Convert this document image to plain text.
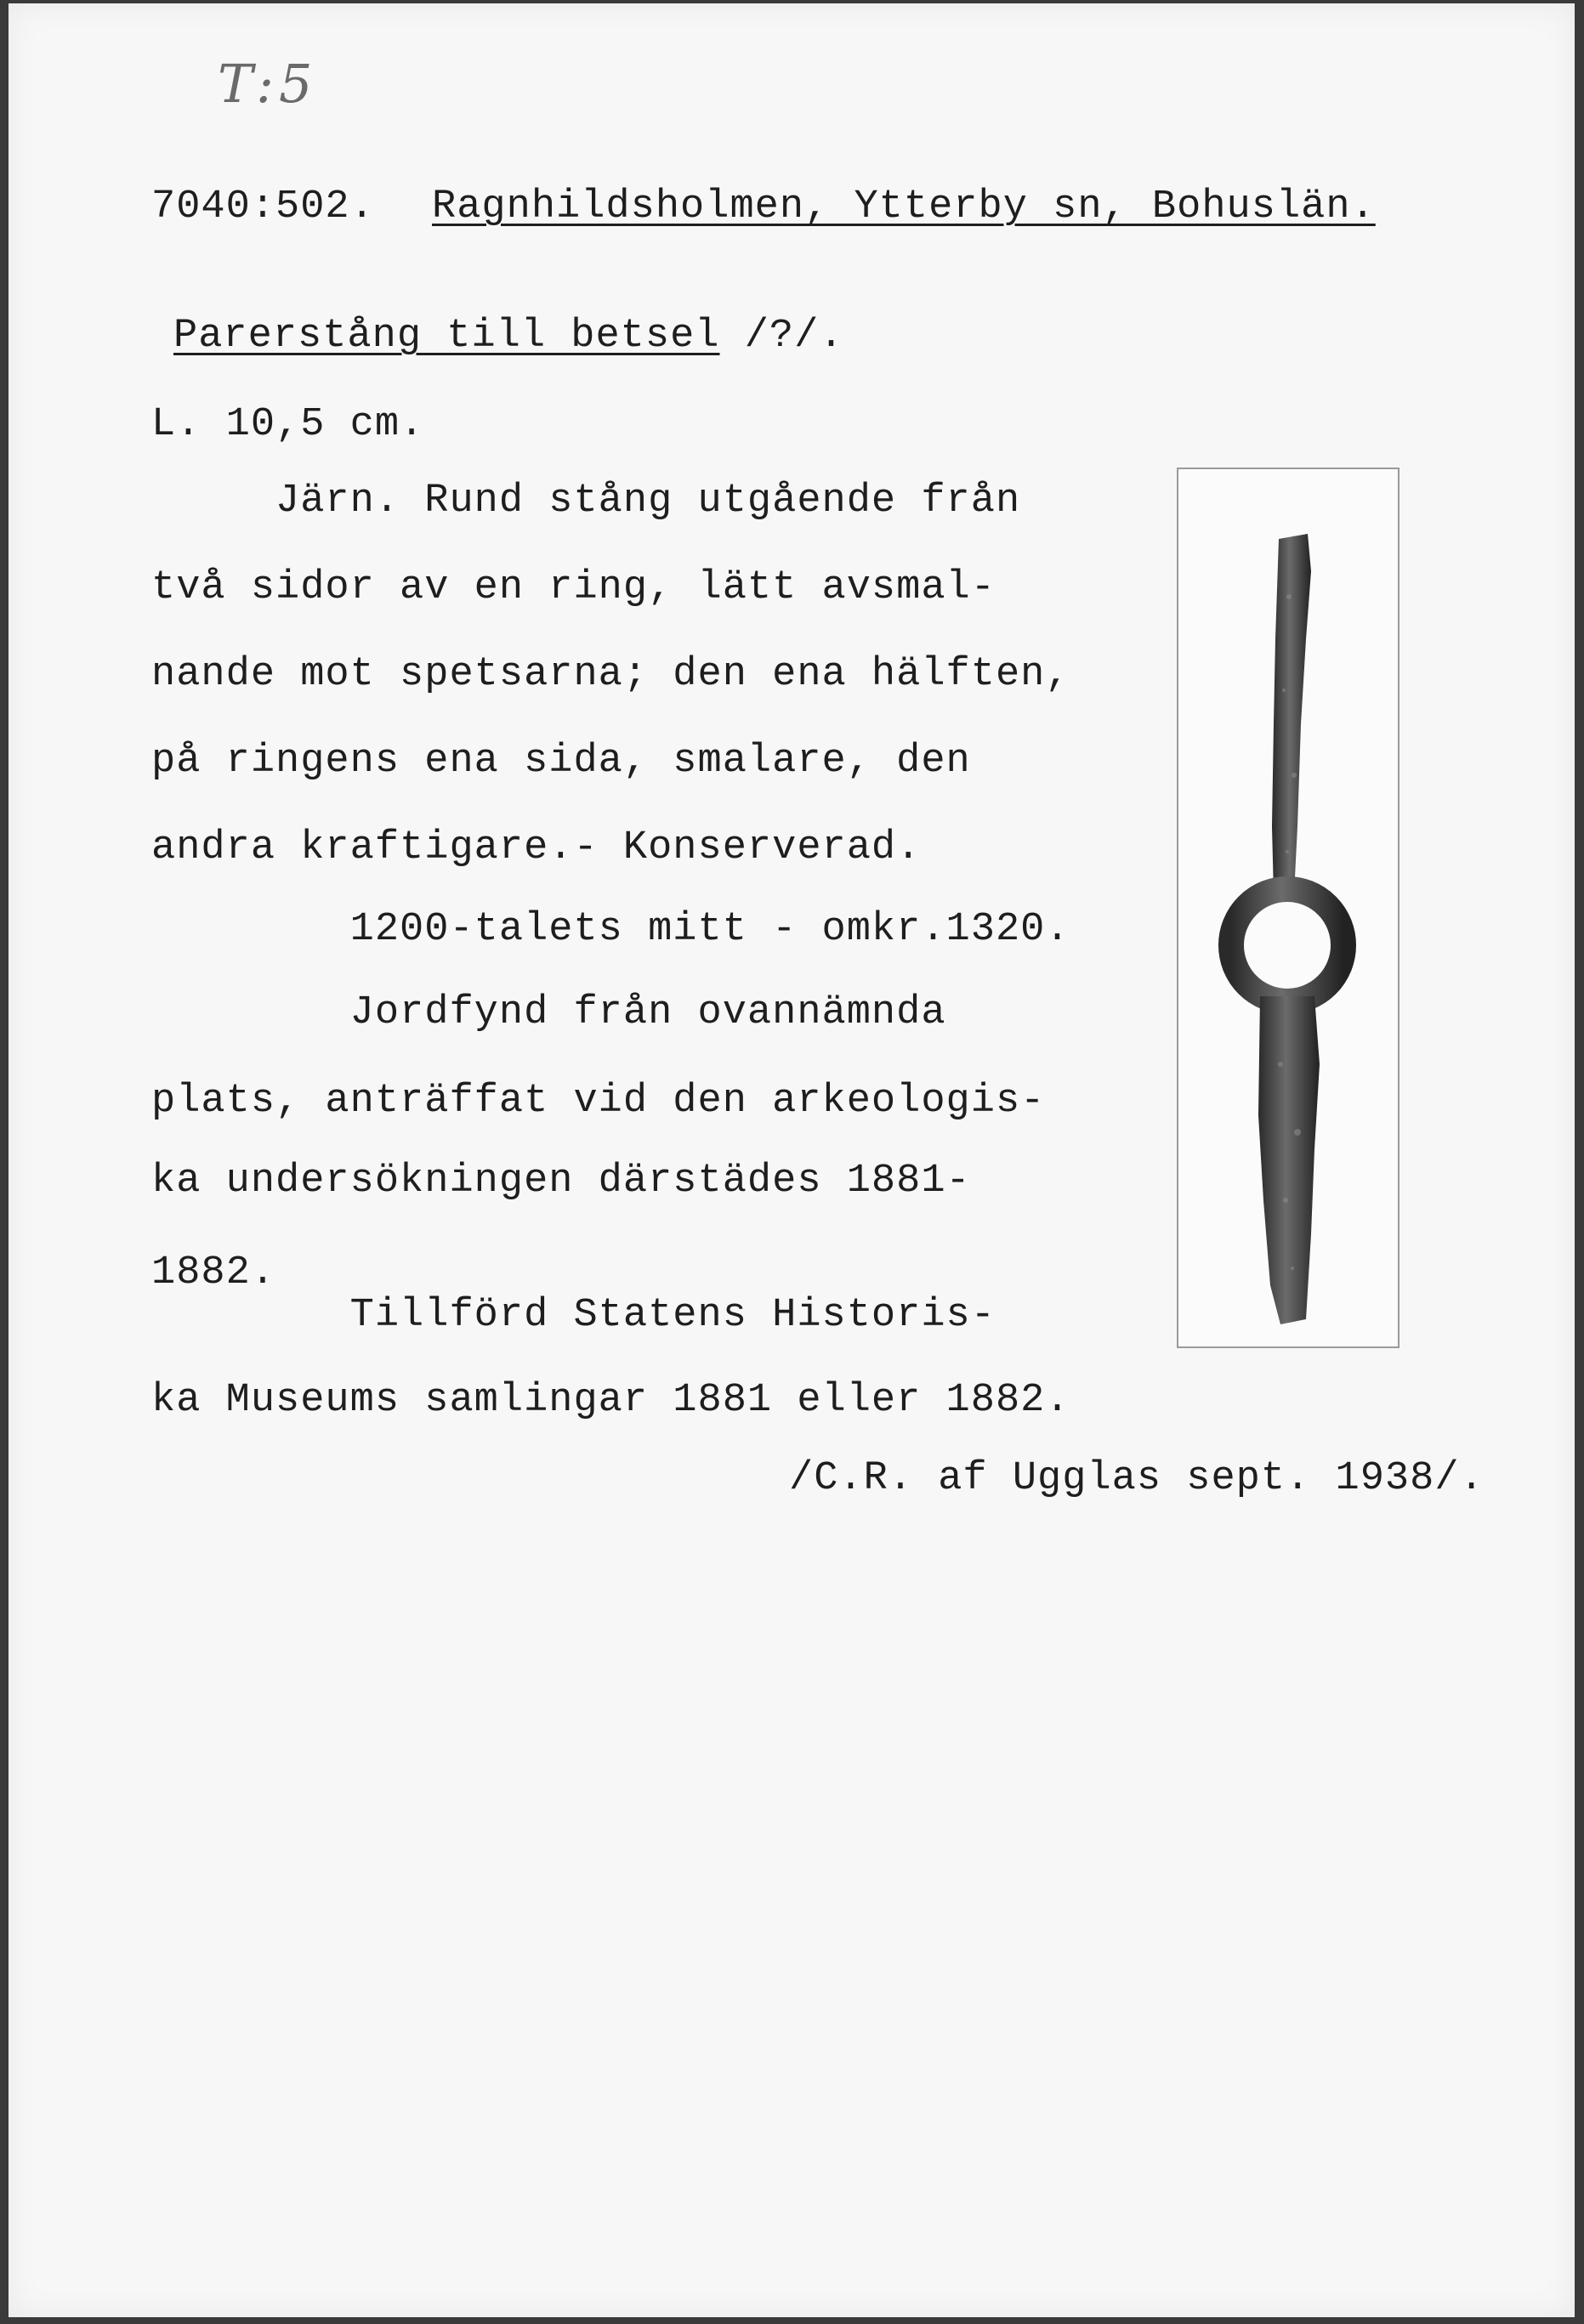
T:5
7040:502. Ragnhildsholmen, Ytterby sn, Bohuslän.
Parerstång till betsel /?/.
L. 10,5 cm.
Järn. Rund stång utgående från
två sidor av en ring, lätt avsmal-
nande mot spetsarna; den ena hälften,
på ringens ena sida, smalare, den
andra kraftigare.- Konserverad.
1200-talets mitt - omkr.1320.
Jordfynd från ovannämnda
plats, anträffat vid den arkeologis-
ka undersökningen därstädes 1881-
1882.
Tillförd Statens Historis-
ka Museums samlingar 1881 eller 1882.
/C.R. af Ugglas sept. 1938/.
